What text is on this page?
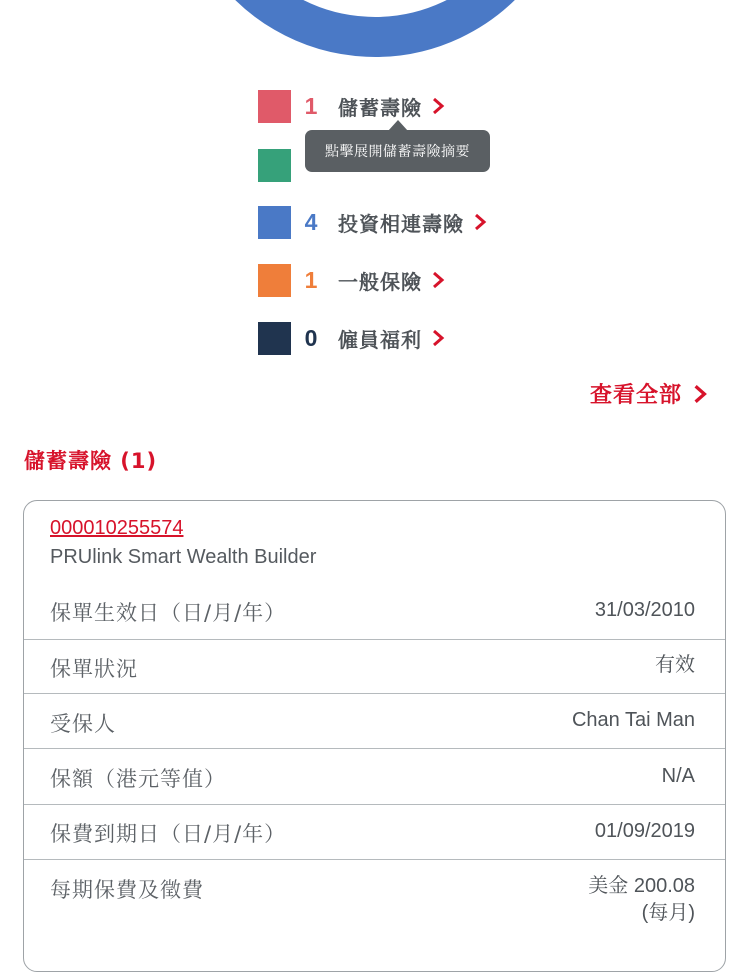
1	儲蓄壽險
4	投資相連壽險
1	一般保險
0	僱員福利
點擊展開儲蓄壽險摘要
查看全部
儲蓄壽險 (1)
000010255574
PRUlink Smart Wealth Builder
保單生效日（日/月/年）	31/03/2010
保單狀況	有效
受保人	Chan Tai Man
保額（港元等值）	N/A
保費到期日（日/月/年）	01/09/2019
每期保費及徵費	美金 200.08
(每月)
